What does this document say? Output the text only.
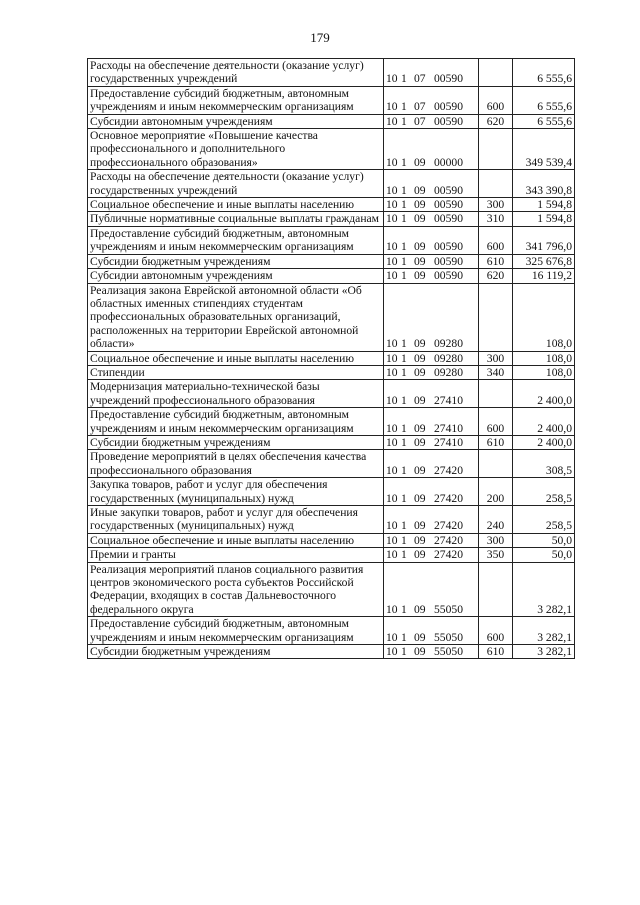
179
Расходы на обеспечение деятельности (оказание услуг) государственных учреждений	10 1 07 00590		6 555,6
Предоставление субсидий бюджетным, автономным учреждениям и иным некоммерческим организациям	10 1 07 00590	600	6 555,6
Субсидии автономным учреждениям	10 1 07 00590	620	6 555,6
Основное мероприятие «Повышение качества профессионального и дополнительного профессионального образования»	10 1 09 00000		349 539,4
Расходы на обеспечение деятельности (оказание услуг) государственных учреждений	10 1 09 00590		343 390,8
Социальное обеспечение и иные выплаты населению	10 1 09 00590	300	1 594,8
Публичные нормативные социальные выплаты гражданам	10 1 09 00590	310	1 594,8
Предоставление субсидий бюджетным, автономным учреждениям и иным некоммерческим организациям	10 1 09 00590	600	341 796,0
Субсидии бюджетным учреждениям	10 1 09 00590	610	325 676,8
Субсидии автономным учреждениям	10 1 09 00590	620	16 119,2
Реализация закона Еврейской автономной области «Об областных именных стипендиях студентам профессиональных образовательных организаций, расположенных на территории Еврейской автономной области»	10 1 09 09280		108,0
Социальное обеспечение и иные выплаты населению	10 1 09 09280	300	108,0
Стипендии	10 1 09 09280	340	108,0
Модернизация материально-технической базы учреждений профессионального образования	10 1 09 27410		2 400,0
Предоставление субсидий бюджетным, автономным учреждениям и иным некоммерческим организациям	10 1 09 27410	600	2 400,0
Субсидии бюджетным учреждениям	10 1 09 27410	610	2 400,0
Проведение мероприятий в целях обеспечения качества профессионального образования	10 1 09 27420		308,5
Закупка товаров, работ и услуг для обеспечения государственных (муниципальных) нужд	10 1 09 27420	200	258,5
Иные закупки товаров, работ и услуг для обеспечения государственных (муниципальных) нужд	10 1 09 27420	240	258,5
Социальное обеспечение и иные выплаты населению	10 1 09 27420	300	50,0
Премии и гранты	10 1 09 27420	350	50,0
Реализация мероприятий планов социального развития центров экономического роста субъектов Российской Федерации, входящих в состав Дальневосточного федерального округа	10 1 09 55050		3 282,1
Предоставление субсидий бюджетным, автономным учреждениям и иным некоммерческим организациям	10 1 09 55050	600	3 282,1
Субсидии бюджетным учреждениям	10 1 09 55050	610	3 282,1
